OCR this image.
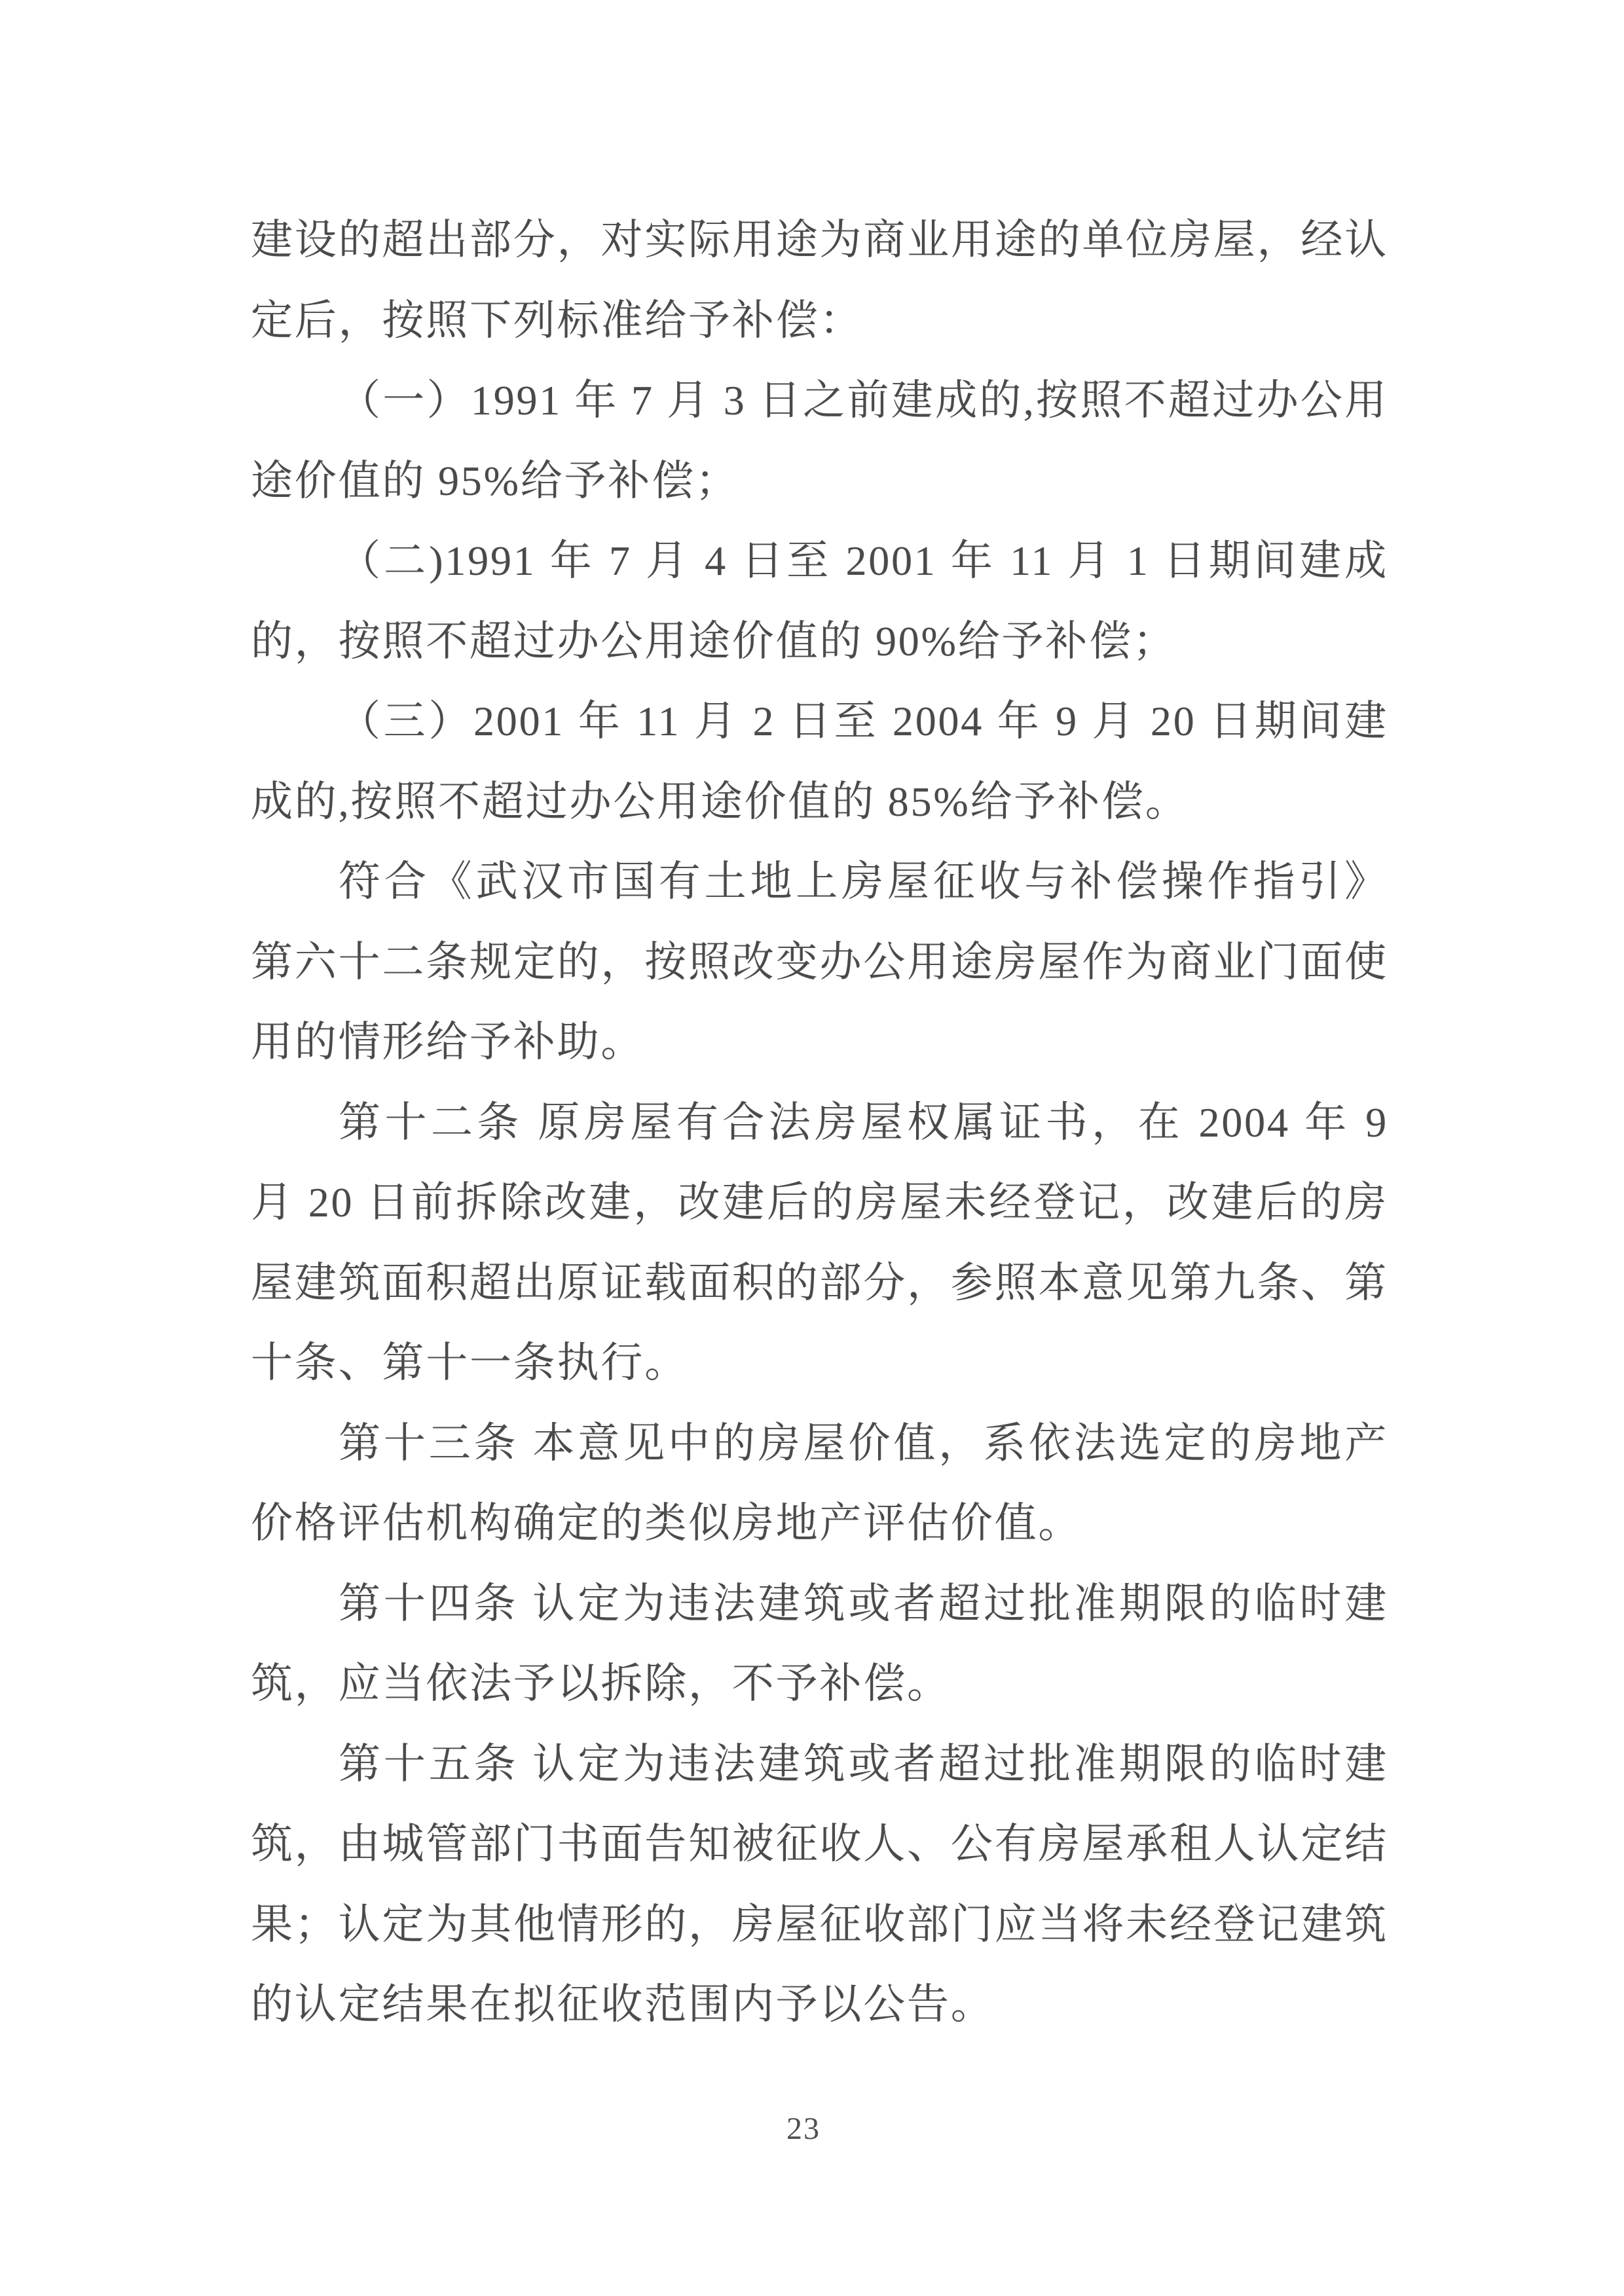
建设的超出部分，对实际用途为商业用途的单位房屋，经认定后，按照下列标准给予补偿：

（一）1991 年 7 月 3 日之前建成的,按照不超过办公用途价值的 95%给予补偿；

（二)1991 年 7 月 4 日至 2001 年 11 月 1 日期间建成的，按照不超过办公用途价值的 90%给予补偿；

（三）2001 年 11 月 2 日至 2004 年 9 月 20 日期间建成的,按照不超过办公用途价值的 85%给予补偿。

符合《武汉市国有土地上房屋征收与补偿操作指引》第六十二条规定的，按照改变办公用途房屋作为商业门面使用的情形给予补助。

第十二条 原房屋有合法房屋权属证书，在 2004 年 9 月 20 日前拆除改建，改建后的房屋未经登记，改建后的房屋建筑面积超出原证载面积的部分，参照本意见第九条、第十条、第十一条执行。

第十三条 本意见中的房屋价值，系依法选定的房地产价格评估机构确定的类似房地产评估价值。

第十四条 认定为违法建筑或者超过批准期限的临时建筑，应当依法予以拆除，不予补偿。

第十五条 认定为违法建筑或者超过批准期限的临时建筑，由城管部门书面告知被征收人、公有房屋承租人认定结果；认定为其他情形的，房屋征收部门应当将未经登记建筑的认定结果在拟征收范围内予以公告。

23
